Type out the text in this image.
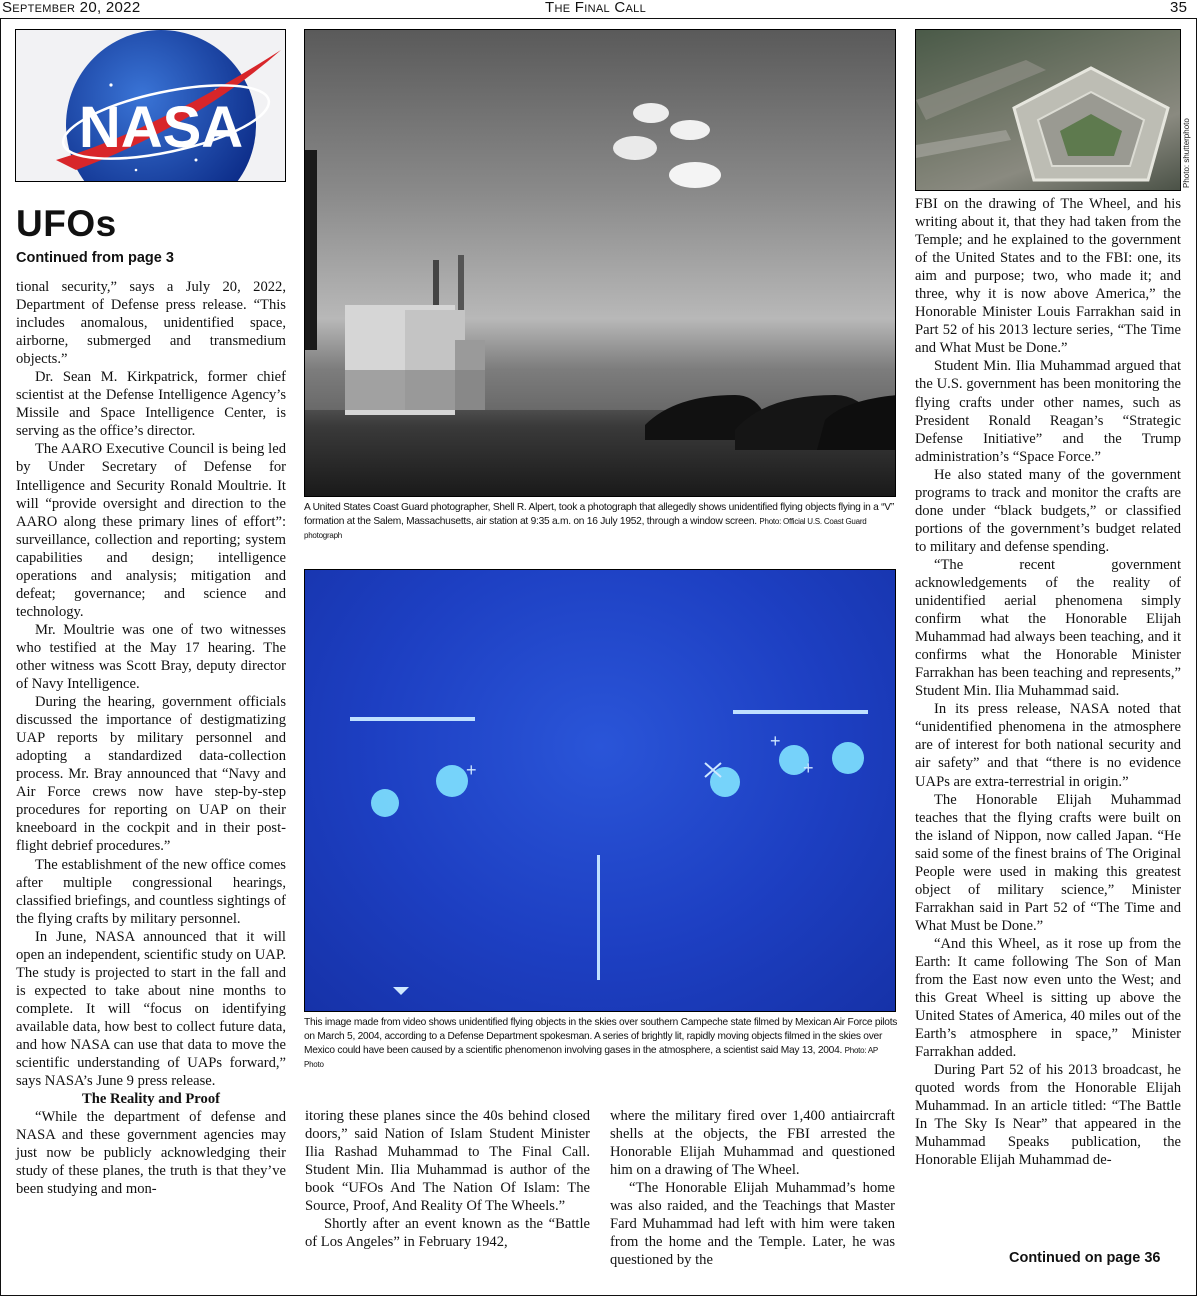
September 20, 2022	The Final Call	35
NASA
UFOs
Continued from page 3

tional security,” says a July 20, 2022, Department of Defense press release. “This includes anomalous, unidentified space, airborne, submerged and transmedium objects.”

Dr. Sean M. Kirkpatrick, former chief scientist at the Defense Intelligence Agency’s Missile and Space Intelligence Center, is serving as the office’s director.

The AARO Executive Council is being led by Under Secretary of Defense for Intelligence and Security Ronald Moultrie. It will “provide oversight and direction to the AARO along these primary lines of effort”: surveillance, collection and reporting; system capabilities and design; intelligence operations and analysis; mitigation and defeat; governance; and science and technology.

Mr. Moultrie was one of two witnesses who testified at the May 17 hearing. The other witness was Scott Bray, deputy director of Navy Intelligence.

During the hearing, government officials discussed the importance of destigmatizing UAP reports by military personnel and adopting a standardized data-collection process. Mr. Bray announced that “Navy and Air Force crews now have step-by-step procedures for reporting on UAP on their kneeboard in the cockpit and in their post-flight debrief procedures.”

The establishment of the new office comes after multiple congressional hearings, classified briefings, and countless sightings of the flying crafts by military personnel.

In June, NASA announced that it will open an independent, scientific study on UAP. The study is projected to start in the fall and is expected to take about nine months to complete. It will “focus on identifying available data, how best to collect future data, and how NASA can use that data to move the scientific understanding of UAPs forward,” says NASA’s June 9 press release.

The Reality and Proof

“While the department of defense and NASA and these government agencies may just now be publicly acknowledging their study of these planes, the truth is that they’ve been studying and mon-

A United States Coast Guard photographer, Shell R. Alpert, took a photograph that allegedly shows unidentified flying objects flying in a “V” formation at the Salem, Massachusetts, air station at 9:35 a.m. on 16 July 1952, through a window screen. Photo: Official U.S. Coast Guard photograph
+
+
+
This image made from video shows unidentified flying objects in the skies over southern Campeche state filmed by Mexican Air Force pilots on March 5, 2004, according to a Defense Department spokesman. A series of brightly lit, rapidly moving objects filmed in the skies over Mexico could have been caused by a scientific phenomenon involving gases in the atmosphere, a scientist said May 13, 2004. Photo: AP Photo

itoring these planes since the 40s behind closed doors,” said Nation of Islam Student Minister Ilia Rashad Muhammad to The Final Call. Student Min. Ilia Muhammad is author of the book “UFOs And The Nation Of Islam: The Source, Proof, And Reality Of The Wheels.”

Shortly after an event known as the “Battle of Los Angeles” in February 1942,

where the military fired over 1,400 antiaircraft shells at the objects, the FBI arrested the Honorable Elijah Muhammad and questioned him on a drawing of The Wheel.

“The Honorable Elijah Muhammad’s home was also raided, and the Teachings that Master Fard Muhammad had left with him were taken from the home and the Temple. Later, he was questioned by the

Photo: shutterphoto

FBI on the drawing of The Wheel, and his writing about it, that they had taken from the Temple; and he explained to the government of the United States and to the FBI: one, its aim and purpose; two, who made it; and three, why it is now above America,” the Honorable Minister Louis Farrakhan said in Part 52 of his 2013 lecture series, “The Time and What Must be Done.”

Student Min. Ilia Muhammad argued that the U.S. government has been monitoring the flying crafts under other names, such as President Ronald Reagan’s “Strategic Defense Initiative” and the Trump administration’s “Space Force.”

He also stated many of the government programs to track and monitor the crafts are done under “black budgets,” or classified portions of the government’s budget related to military and defense spending.

“The recent government acknowledgements of the reality of unidentified aerial phenomena simply confirm what the Honorable Elijah Muhammad had always been teaching, and it confirms what the Honorable Minister Farrakhan has been teaching and represents,” Student Min. Ilia Muhammad said.

In its press release, NASA noted that “unidentified phenomena in the atmosphere are of interest for both national security and air safety” and that “there is no evidence UAPs are extra-terrestrial in origin.”

The Honorable Elijah Muhammad teaches that the flying crafts were built on the island of Nippon, now called Japan. “He said some of the finest brains of The Original People were used in making this greatest object of military science,” Minister Farrakhan said in Part 52 of “The Time and What Must be Done.”

“And this Wheel, as it rose up from the Earth: It came following The Son of Man from the East now even unto the West; and this Great Wheel is sitting up above the United States of America, 40 miles out of the Earth’s atmosphere in space,” Minister Farrakhan added.

During Part 52 of his 2013 broadcast, he quoted words from the Honorable Elijah Muhammad. In an article titled: “The Battle In The Sky Is Near” that appeared in the Muhammad Speaks publication, the Honorable Elijah Muhammad de-

Continued on page 36
